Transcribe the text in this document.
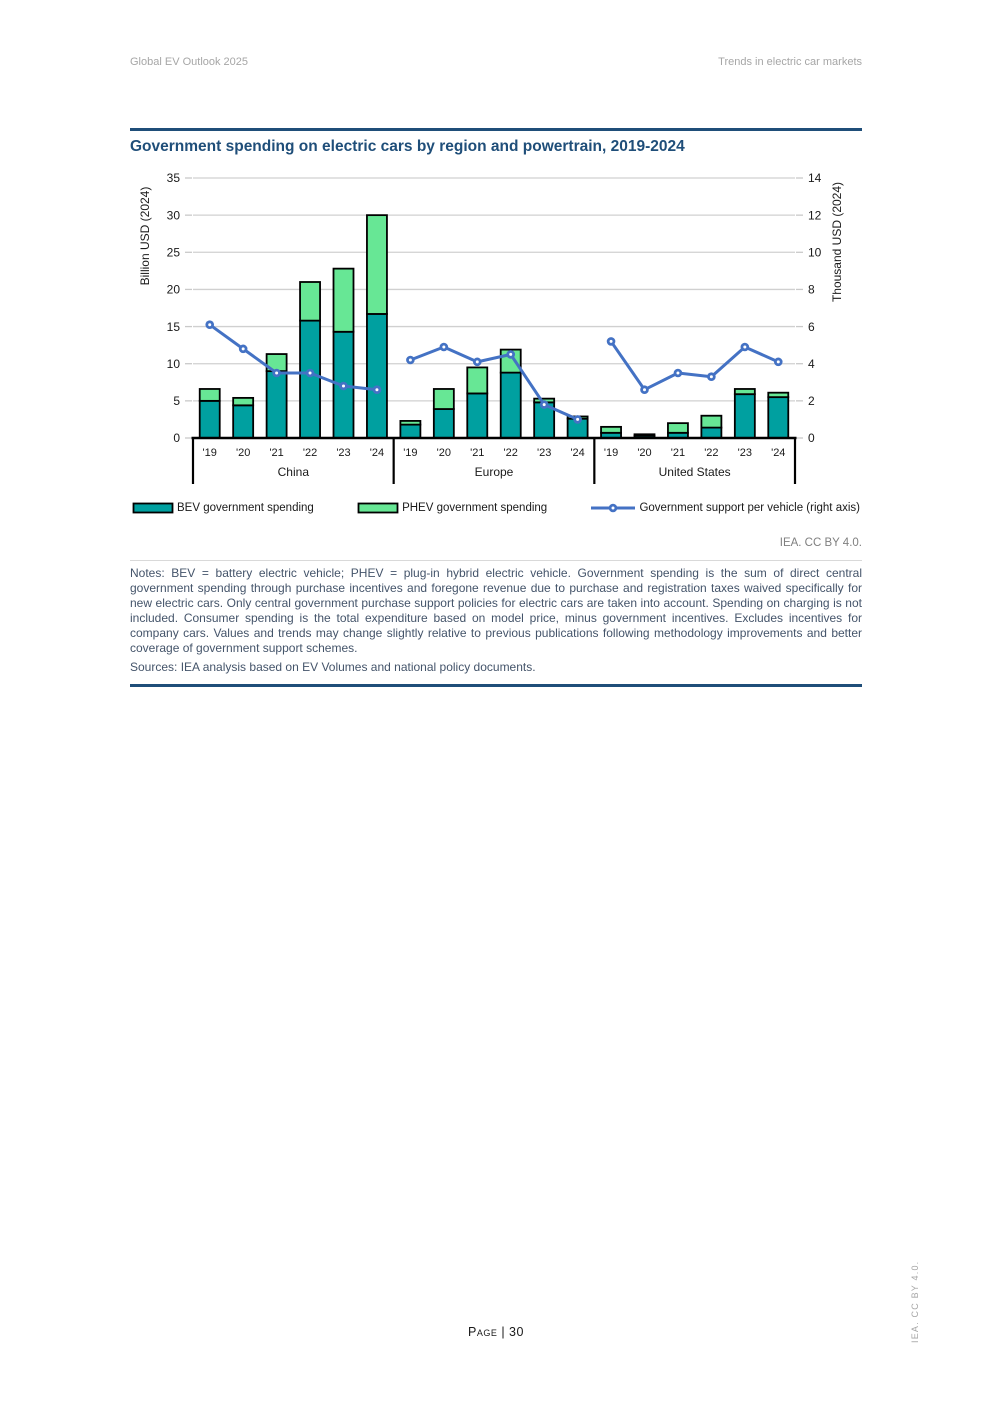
Global EV Outlook 2025	Trends in electric car markets
Government spending on electric cars by region and powertrain, 2019-2024
0	0
5	2
10	4
15	6
20	8
25	10
30	12
35	14
'19 '20 '21 '22 '23 '24
China
'19 '20 '21 '22 '23 '24
Europe
'19 '20 '21 '22 '23 '24
United States
Billion USD (2024)	Thousand USD (2024)
BEV government spending	PHEV government spending	Government support per vehicle (right axis)
IEA. CC BY 4.0.

Notes: BEV = battery electric vehicle; PHEV = plug-in hybrid electric vehicle. Government spending is the sum of direct central government spending through purchase incentives and foregone revenue due to purchase and registration taxes waived specifically for new electric cars. Only central government purchase support policies for electric cars are taken into account. Spending on charging is not included. Consumer spending is the total expenditure based on model price, minus government incentives. Excludes incentives for company cars. Values and trends may change slightly relative to previous publications following methodology improvements and better coverage of government support schemes.

Sources: IEA analysis based on EV Volumes and national policy documents.

Page | 30	IEA. CC BY 4.0.
